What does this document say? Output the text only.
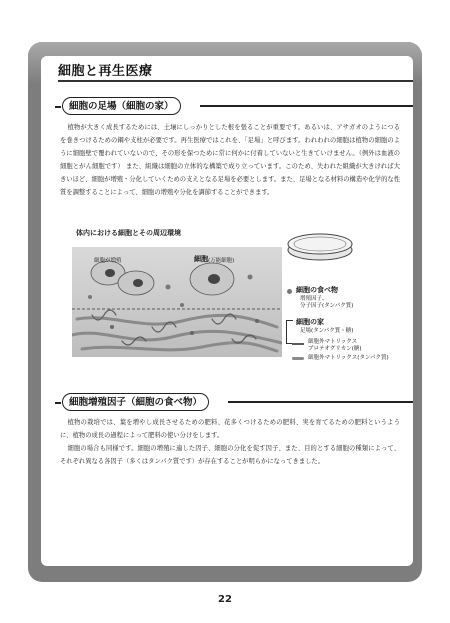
細胞と再生医療
細胞の足場（細胞の家）

植物が大きく成長するためには、土壌にしっかりとした根を張ることが重要です。あるいは、アサガオのようにつるを巻きつけるための鋼や支柱が必要です。再生医療ではこれを、「足場」と呼びます。われわれの細胞は植物の細胞のように細胞壁で覆われていないので、その形を保つために常に何かに付着していないと生きていけません。（例外は血液の細胞とがん細胞です） また、組織は細胞の立体的な構築で成り立っています。このため、失われた組織が大きければ大きいほど、細胞が増殖・分化していくための支えとなる足場を必要とします。また、足場となる材料の構造や化学的な性質を調整することによって、細胞の増殖や分化を調節することができます。

体内における細胞とその周辺環境
細胞が増殖	細胞 (万能細胞)
細胞の食べ物
増殖因子、
分子因子(タンパク質)
細胞の家
足場(タンパク質・糖)
細胞外マトリックス
プロテオグリカン(糖)
細胞外マトリックス(タンパク質)
細胞増殖因子（細胞の食べ物）

植物の栽培では、葉を増やし成長させるための肥料、花多くつけるための肥料、実を育てるための肥料というように、植物の成長の過程によって肥料の使い分けをします。

細胞の場合も同様です。細胞の増殖に適した因子、細胞の分化を促す因子、また、目的とする細胞の種類によって、それぞれ異なる各因子（多くはタンパク質です）が存在することが明らかになってきました。

22
